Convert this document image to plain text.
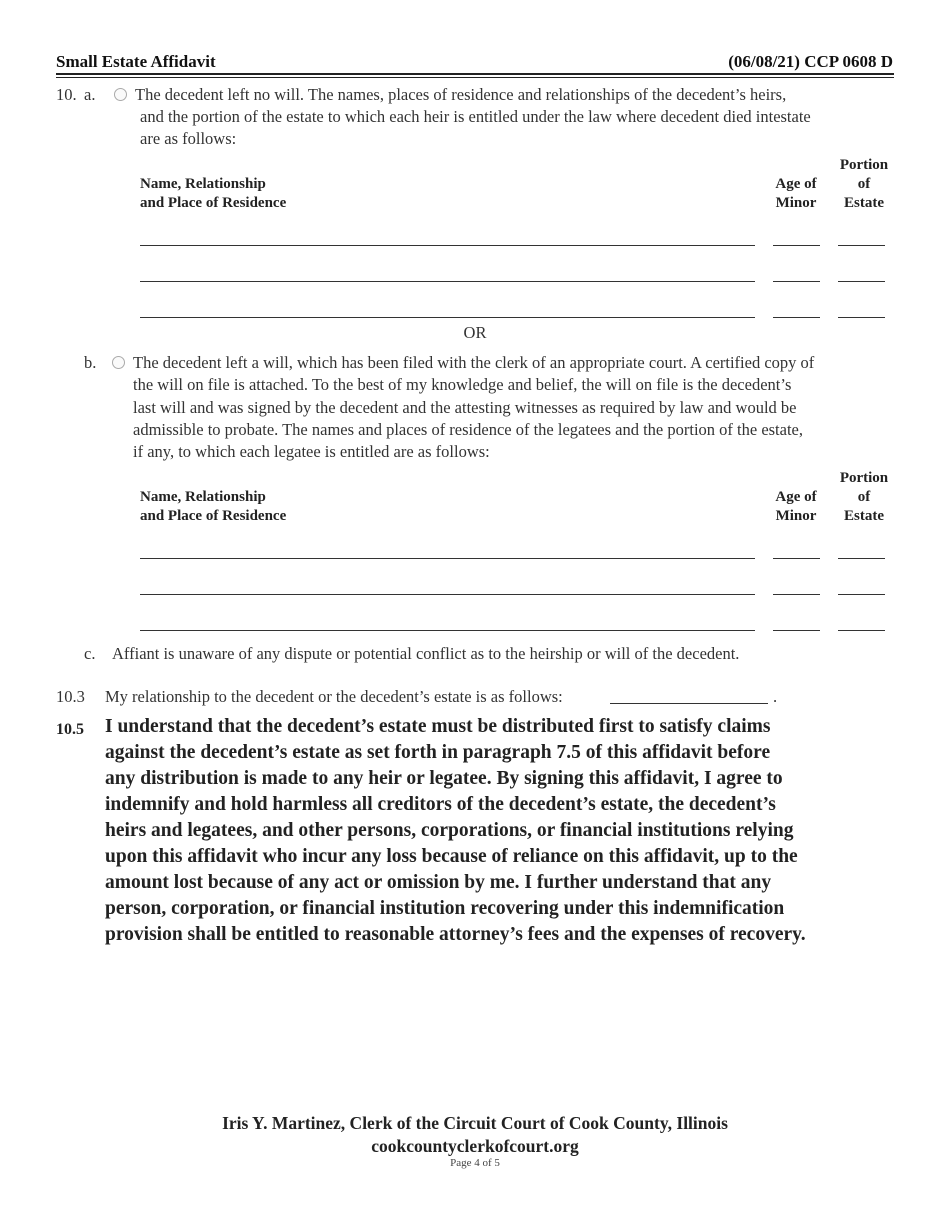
Small Estate Affidavit	(06/08/21) CCP 0608 D
10. a. The decedent left no will. The names, places of residence and relationships of the decedent’s heirs,
and the portion of the estate to which each heir is entitled under the law where decedent died intestate
are as follows:
Name, Relationship
and Place of Residence
Age of
Minor
Portion
of
Estate
OR
b. The decedent left a will, which has been filed with the clerk of an appropriate court. A certified copy of
the will on file is attached. To the best of my knowledge and belief, the will on file is the decedent’s
last will and was signed by the decedent and the attesting witnesses as required by law and would be
admissible to probate. The names and places of residence of the legatees and the portion of the estate,
if any, to which each legatee is entitled are as follows:
Name, Relationship
and Place of Residence
Age of
Minor
Portion
of
Estate
c. Affiant is unaware of any dispute or potential conflict as to the heirship or will of the decedent.
10.3 My relationship to the decedent or the decedent’s estate is as follows:	.
10.5 I understand that the decedent’s estate must be distributed first to satisfy claims
against the decedent’s estate as set forth in paragraph 7.5 of this affidavit before
any distribution is made to any heir or legatee. By signing this affidavit, I agree to
indemnify and hold harmless all creditors of the decedent’s estate, the decedent’s
heirs and legatees, and other persons, corporations, or financial institutions relying
upon this affidavit who incur any loss because of reliance on this affidavit, up to the
amount lost because of any act or omission by me. I further understand that any
person, corporation, or financial institution recovering under this indemnification
provision shall be entitled to reasonable attorney’s fees and the expenses of recovery.
Iris Y. Martinez, Clerk of the Circuit Court of Cook County, Illinois
cookcountyclerkofcourt.org
Page 4 of 5
